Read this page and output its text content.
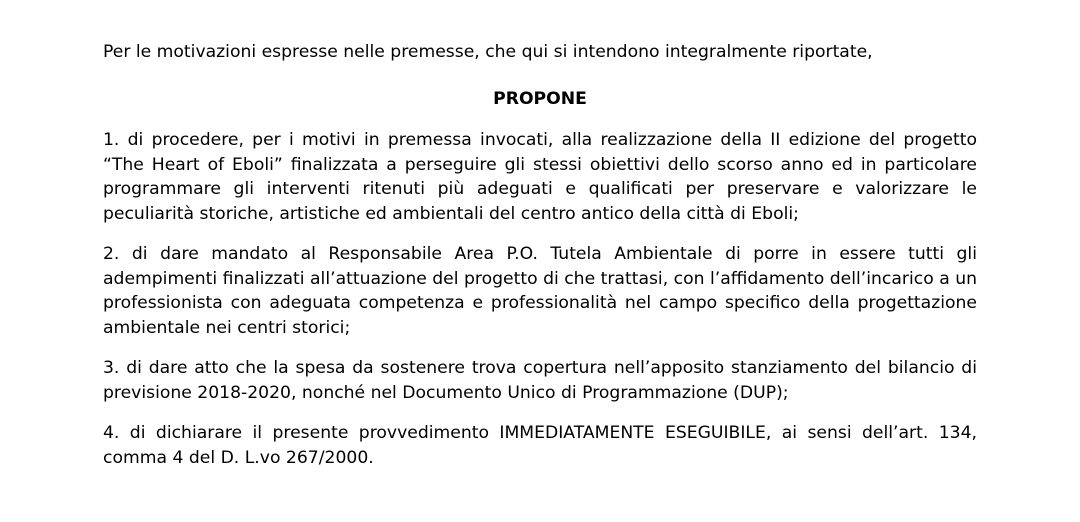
Per le motivazioni espresse nelle premesse, che qui si intendono integralmente riportate,

PROPONE

1. di procedere, per i motivi in premessa invocati, alla realizzazione della II edizione del progetto “The Heart of Eboli” finalizzata a perseguire gli stessi obiettivi dello scorso anno ed in particolare programmare gli interventi ritenuti più adeguati e qualificati per preservare e valorizzare le peculiarità storiche, artistiche ed ambientali del centro antico della città di Eboli;

2. di dare mandato al Responsabile Area P.O. Tutela Ambientale di porre in essere tutti gli adempimenti finalizzati all’attuazione del progetto di che trattasi, con l’affidamento dell’incarico a un professionista con adeguata competenza e professionalità nel campo specifico della progettazione ambientale nei centri storici;

3. di dare atto che la spesa da sostenere trova copertura nell’apposito stanziamento del bilancio di previsione 2018-2020, nonché nel Documento Unico di Programmazione (DUP);

4. di dichiarare il presente provvedimento IMMEDIATAMENTE ESEGUIBILE, ai sensi dell’art. 134, comma 4 del D. L.vo 267/2000.
